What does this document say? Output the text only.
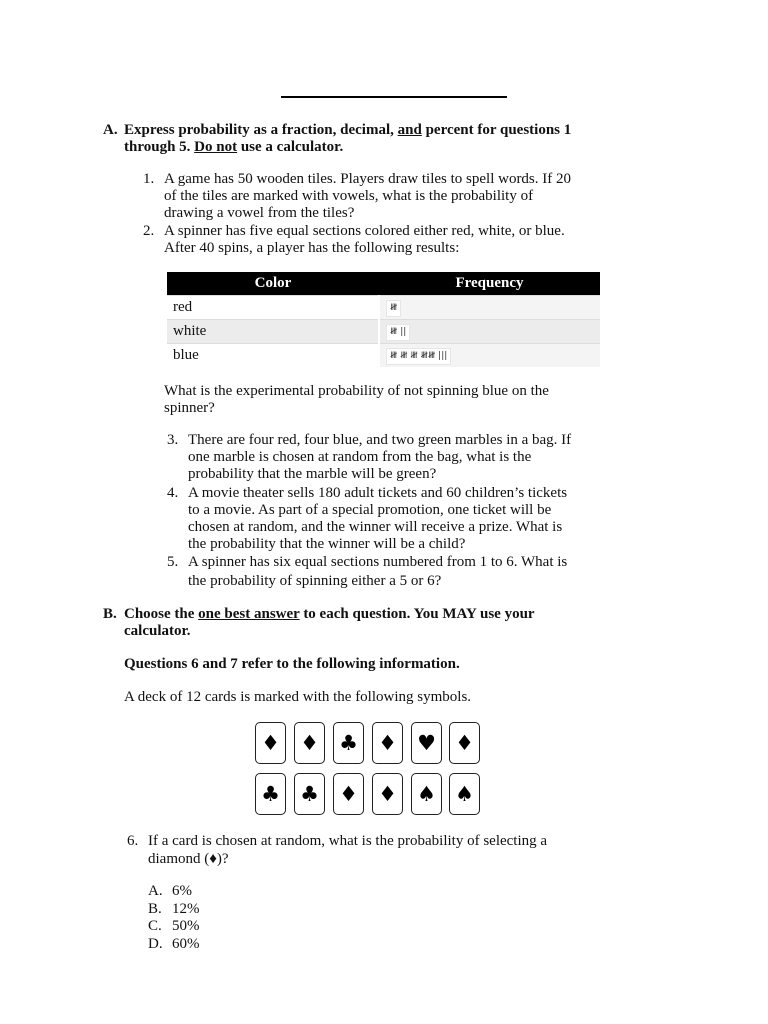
A. Express probability as a fraction, decimal, and percent for questions 1
through 5. Do not use a calculator.
1. A game has 50 wooden tiles. Players draw tiles to spell words. If 20
of the tiles are marked with vowels, what is the probability of
drawing a vowel from the tiles?
2. A spinner has five equal sections colored either red, white, or blue.
After 40 spins, a player has the following results:
Color	Frequency
red	𝍸
white	𝍸 ||
blue	𝍸 𝍸 𝍸 𝍸𝍸 |||
What is the experimental probability of not spinning blue on the
spinner?
3. There are four red, four blue, and two green marbles in a bag. If
one marble is chosen at random from the bag, what is the
probability that the marble will be green?
4. A movie theater sells 180 adult tickets and 60 children’s tickets
to a movie. As part of a special promotion, one ticket will be
chosen at random, and the winner will receive a prize. What is
the probability that the winner will be a child?
5. A spinner has six equal sections numbered from 1 to 6. What is
the probability of spinning either a 5 or 6?
B. Choose the one best answer to each question. You MAY use your
calculator.
Questions 6 and 7 refer to the following information.
A deck of 12 cards is marked with the following symbols.
♦ ♦ ♣ ♦ ♥ ♦
♣ ♣ ♦ ♦ ♠ ♠
6. If a card is chosen at random, what is the probability of selecting a
diamond (♦)?
A. 6%
B. 12%
C. 50%
D. 60%
